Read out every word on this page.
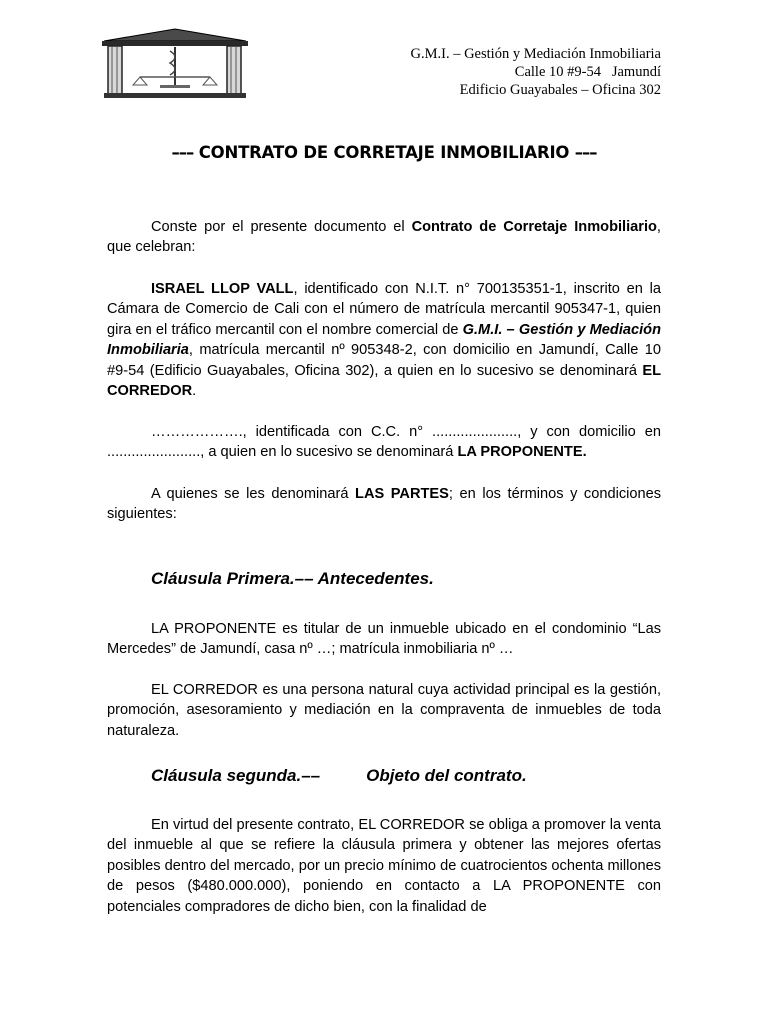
G.M.I. – Gestión y Mediación Inmobiliaria
Calle 10 #9-54   Jamundí
Edificio Guayabales – Oficina 302
––– CONTRATO DE CORRETAJE INMOBILIARIO –––
Conste por el presente documento el Contrato de Corretaje Inmobiliario, que celebran:
ISRAEL LLOP VALL, identificado con N.I.T. n° 700135351-1, inscrito en la Cámara de Comercio de Cali con el número de matrícula mercantil 905347-1, quien gira en el tráfico mercantil con el nombre comercial de G.M.I. – Gestión y Mediación Inmobiliaria, matrícula mercantil nº 905348-2, con domicilio en Jamundí, Calle 10 #9-54 (Edificio Guayabales, Oficina 302), a quien en lo sucesivo se denominará EL CORREDOR.
………………., identificada con C.C. n° ....................., y con domicilio en ......................., a quien en lo sucesivo se denominará LA PROPONENTE.
A quienes se les denominará LAS PARTES; en los términos y condiciones siguientes:
Cláusula Primera.–– Antecedentes.
LA PROPONENTE es titular de un inmueble ubicado en el condominio “Las Mercedes” de Jamundí, casa nº …; matrícula inmobiliaria nº …
EL CORREDOR es una persona natural cuya actividad principal es la gestión, promoción, asesoramiento y mediación en la compraventa de inmuebles de toda naturaleza.
Cláusula segunda.––	Objeto del contrato.
En virtud del presente contrato, EL CORREDOR se obliga a promover la venta del inmueble al que se refiere la cláusula primera y obtener las mejores ofertas posibles dentro del mercado, por un precio mínimo de cuatrocientos ochenta millones de pesos ($480.000.000), poniendo en contacto a LA PROPONENTE con potenciales compradores de dicho bien, con la finalidad de
